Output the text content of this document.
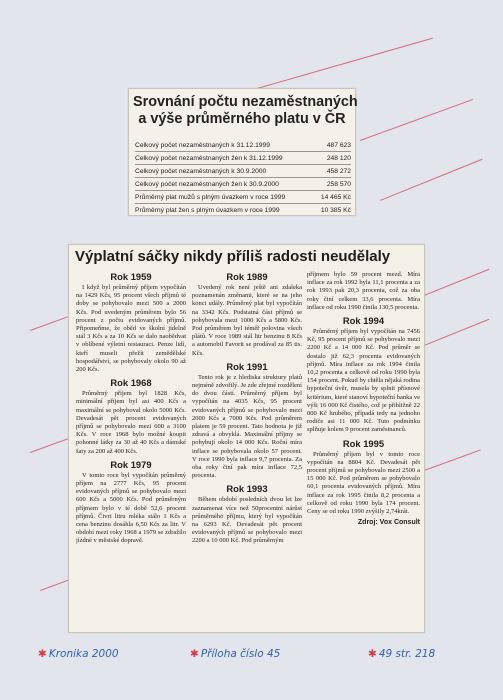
Srovnání počtu nezaměstnaných
a výše průměrného platu v ČR
Celkový počet nezaměstnaných k 31.12.1999	487 623
Celkový počet nezaměstnaných žen k 31.12.1999	248 120
Celkový počet nezaměstnaných k 30.9.2000	458 272
Celkový počet nezaměstnaných žen k 30.9.2000	258 570
Průměrný plat mužů s plným úvazkem v roce 1999	14 465 Kč
Průměrný plat žen s plným úvazkem v roce 1999	10 385 Kč
Výplatní sáčky nikdy příliš radosti neudělaly
Rok 1959
I když byl průměrný příjem vypočítán na 1429 Kčs, 95 procent všech příjmů té doby se pohybovalo mezi 500 a 2000 Kčs. Pod uvedeným průměrem bylo 56 procent z počtu evidovaných příjmů. Připomeňme, že oběd ve školní jídelně stál 3 Kčs a za 10 Kčs se dalo naobědvat v oblíbené výletní restauraci. Penze lidí, kteří museli přežít zemědělské hospodářství, se pohybovaly okolo 90 až 200 Kčs.
Rok 1968
Průměrný příjem byl 1828 Kčs, minimální příjem byl asi 400 Kčs a maximální se pohyboval okolo 5000 Kčs. Devadesát pět procent evidovaných příjmů se pohybovalo mezi 600 a 3100 Kčs. V roce 1968 bylo možné koupit pohonné látky za 30 až 40 Kčs a dámské šaty za 200 až 400 Kčs.
Rok 1979
V tomto roce byl vypočítán průměrný příjem na 2777 Kčs, 95 procent evidovaných příjmů se pohybovalo mezi 600 Kčs a 5000 Kčs. Pod průměrným příjmem bylo v té době 52,6 procent příjmů. Čtvrt litru mléka stálo 1 Kčs a cena benzinu dosáhla 6,50 Kčs za litr. V období mezi roky 1968 a 1979 se zdražilo jízdné v městské dopravě.
Rok 1989
Uvedený rok není ještě ani zdaleka poznamenán změnami, které se na jeho konci udály. Průměrný plat byl vypočítán na 3342 Kčs. Podstatná část příjmů se pohybovala mezi 1000 Kčs a 5800 Kčs. Pod průměrem byl téměř polovina všech plátů. V roce 1989 stál litr benzinu 8 Kčs a automobil Favorit se prodával za 85 tis. Kčs.
Rok 1991
Tento rok je z hlediska struktury platů nejméně zdvořilý. Je zde zřejmé rozdělení do dvou částí. Průměrný příjem byl vypočítán na 4035 Kčs, 95 procent evidovaných příjmů se pohybovalo mezi 2000 Kčs a 7000 Kčs. Pod průměrem platem je 59 procent. Tato hodnota je již zdravá a obvyklá. Maximální příjmy se pohybují okolo 14 000 Kčs. Roční míra inflace se pohybovala okolo 57 procent. V roce 1990 byla inflace 9,7 procenta. Za oba roky činí pak míra inflace 72,5 procenta.
Rok 1993
Během období posledních dvou let lze zaznamenat více než 50procentní nárůst průměrného příjmu, který byl vypočítán na 6293 Kč. Devadesát pět procent evidovaných příjmů se pohybovalo mezi 2200 a 10 000 Kč. Pod průměrným
příjmem bylo 59 procent mezd. Míra inflace za rok 1992 byla 11,1 procenta a za rok 1993 pak 20,3 procenta, což za oba roky činí celkem 33,6 procenta. Míra inflace od roku 1990 činila 130,5 procenta.
Rok 1994
Průměrný příjem byl vypočítán na 7456 Kč, 95 procent příjmů se pohybovalo mezi 2200 Kč a 14 000 Kč. Pod průměr se dostalo již 62,3 procenta evidovaných příjmů. Míra inflace za rok 1994 činila 10,2 procenta a celkově od roku 1990 byla 154 procent. Pokud by chtěla nějaká rodina hypoteční úvěr, musela by splnit přísnové kritérium, které stanoví hypoteční banka ve výši 16 000 Kč čistého, což je přibližně 22 000 Kč hrubého, případá tedy na jednoho rodiče asi 11 000 Kč. Tuto podmínku splňuje kolem 9 procent zaměstnanců.
Rok 1995
Průměrný příjem byl v tomto roce vypočítán na 8804 Kč. Devadesát pět procent příjmů se pohybovalo mezi 2500 a 15 000 Kč. Pod průměrem se pohybovalo 60,1 procenta evidovaných příjmů. Míra inflace za rok 1995 činila 8,2 procenta a celkově od roku 1990 byla 174 procent. Ceny se od roku 1990 zvýšily 2,74krát.
Zdroj: Vox Consult
✱ Kronika 2000	✱ Příloha číslo 45	✱ 49 str. 218
